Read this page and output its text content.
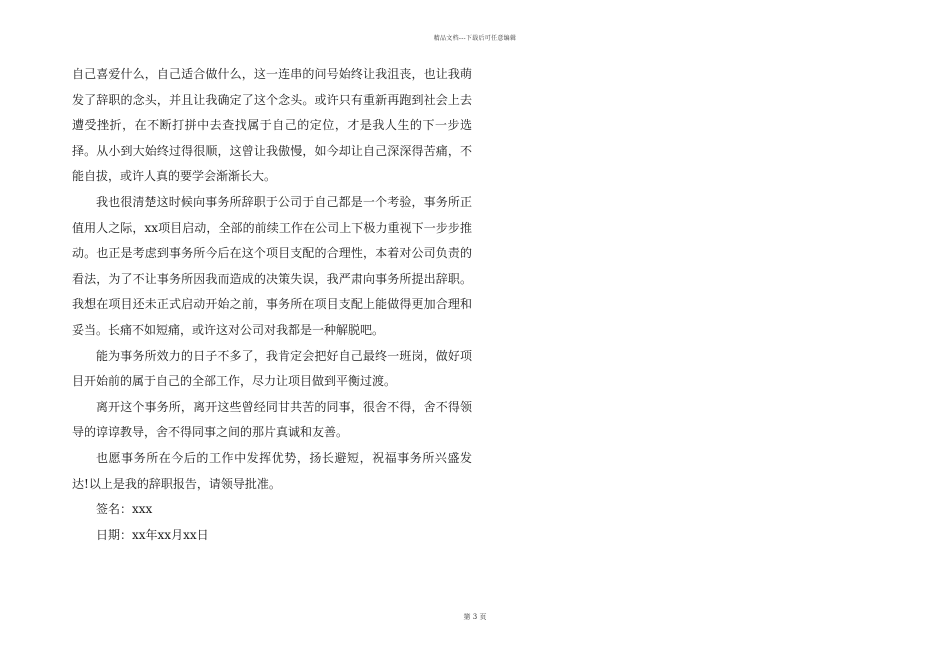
精品文档---下载后可任意编辑

自己喜爱什么，自己适合做什么，这一连串的问号始终让我沮丧，也让我萌发了辞职的念头，并且让我确定了这个念头。或许只有重新再跑到社会上去遭受挫折，在不断打拼中去查找属于自己的定位，才是我人生的下一步选择。从小到大始终过得很顺，这曾让我傲慢，如今却让自己深深得苦痛，不能自拔，或许人真的要学会渐渐长大。

我也很清楚这时候向事务所辞职于公司于自己都是一个考验，事务所正值用人之际，xx项目启动，全部的前续工作在公司上下极力重视下一步步推动。也正是考虑到事务所今后在这个项目支配的合理性，本着对公司负责的看法，为了不让事务所因我而造成的决策失误，我严肃向事务所提出辞职。我想在项目还未正式启动开始之前，事务所在项目支配上能做得更加合理和妥当。长痛不如短痛，或许这对公司对我都是一种解脱吧。

能为事务所效力的日子不多了，我肯定会把好自己最终一班岗，做好项目开始前的属于自己的全部工作，尽力让项目做到平衡过渡。

离开这个事务所，离开这些曾经同甘共苦的同事，很舍不得，舍不得领导的谆谆教导，舍不得同事之间的那片真诚和友善。

也愿事务所在今后的工作中发挥优势，扬长避短，祝福事务所兴盛发达!以上是我的辞职报告，请领导批准。

签名：xxx

日期：xx年xx月xx日

第 3 页
